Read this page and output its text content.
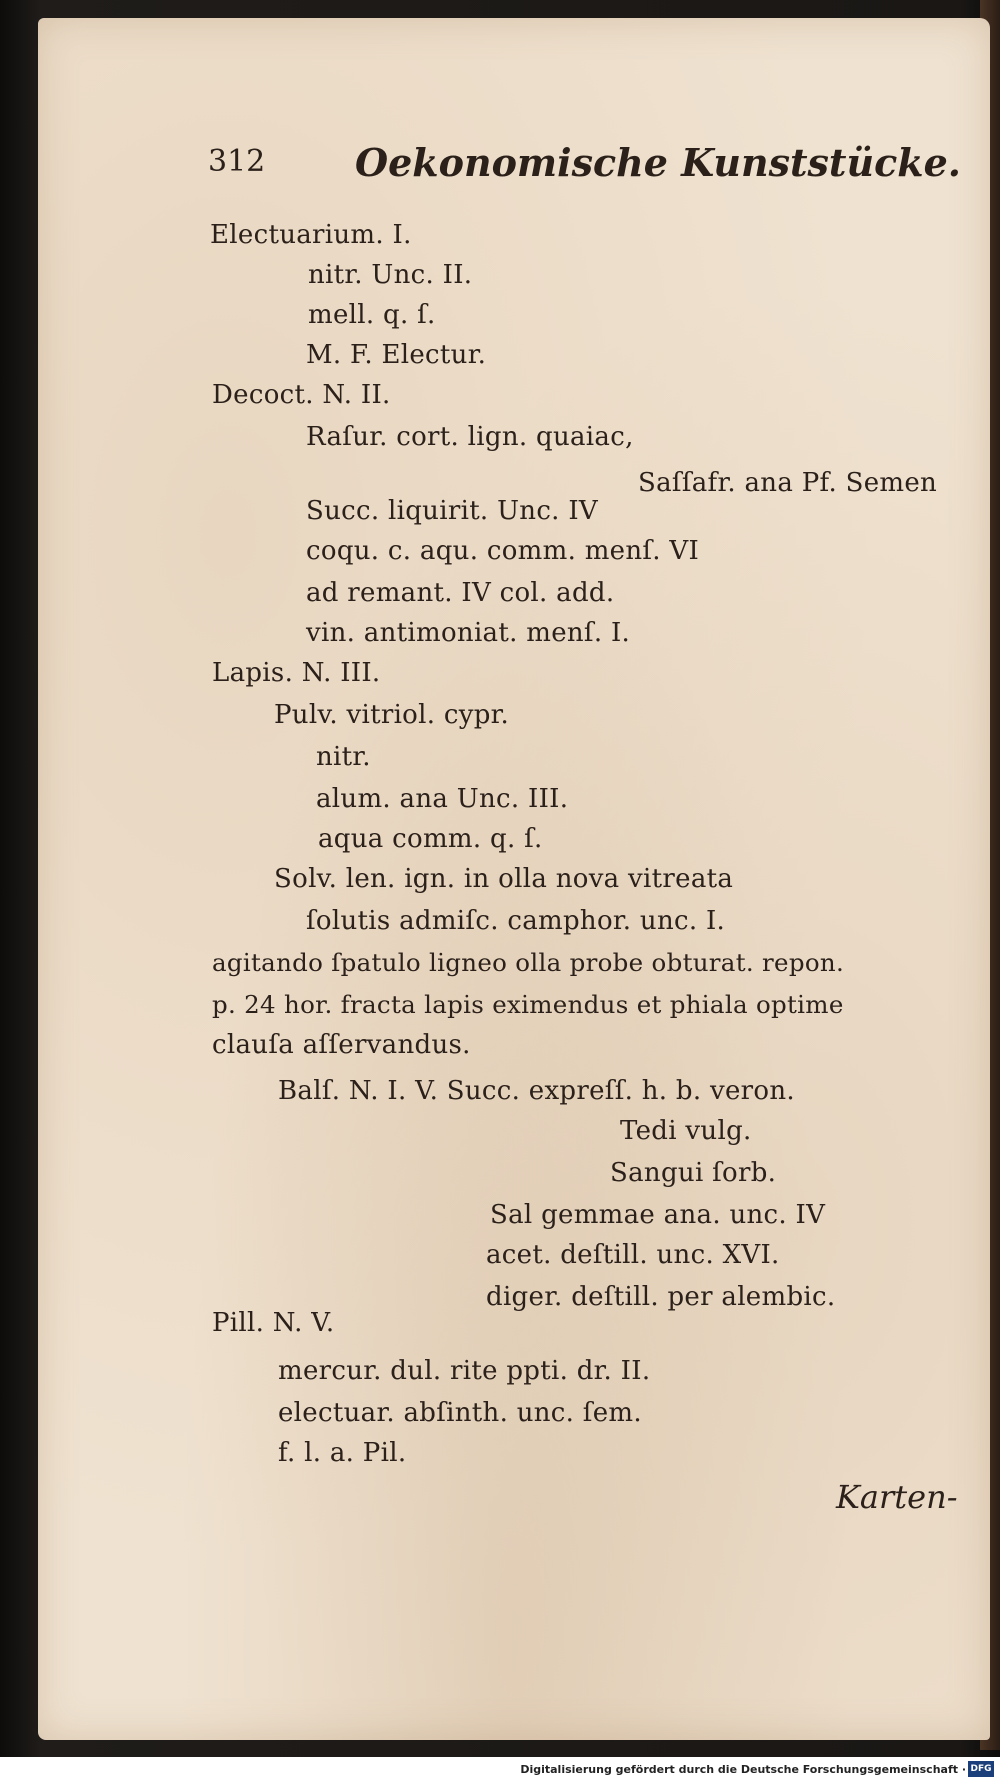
312 Oekonomische Kunststücke.
Electuarium. I.
nitr. Unc. II.
mell. q. ſ.
M. F. Electur.
Decoct. N. II.
Raſur. cort. lign. quaiac,
Saſſafr. ana Pf. Semen
Succ. liquirit. Unc. IV
coqu. c. aqu. comm. menſ. VI
ad remant. IV col. add.
vin. antimoniat. menſ. I.
Lapis. N. III.
Pulv. vitriol. cypr.
nitr.
alum. ana Unc. III.
aqua comm. q. ſ.
Solv. len. ign. in olla nova vitreata
ſolutis admiſc. camphor. unc. I.
agitando ſpatulo ligneo olla probe obturat. repon.
p. 24 hor. fracta lapis eximendus et phiala optime
clauſa aſſervandus.
Balſ. N. I. V. Succ. expreſſ. h. b. veron.
Tedi vulg.
Sangui ſorb.
Sal gemmae ana. unc. IV
acet. deſtill. unc. XVI.
diger. deſtill. per alembic.
Pill. N. V.
mercur. dul. rite ppti. dr. II.
electuar. abſinth. unc. ſem.
f. l. a. Pil.
Karten-
Digitalisierung gefördert durch die Deutsche Forschungsgemeinschaft · DFG
